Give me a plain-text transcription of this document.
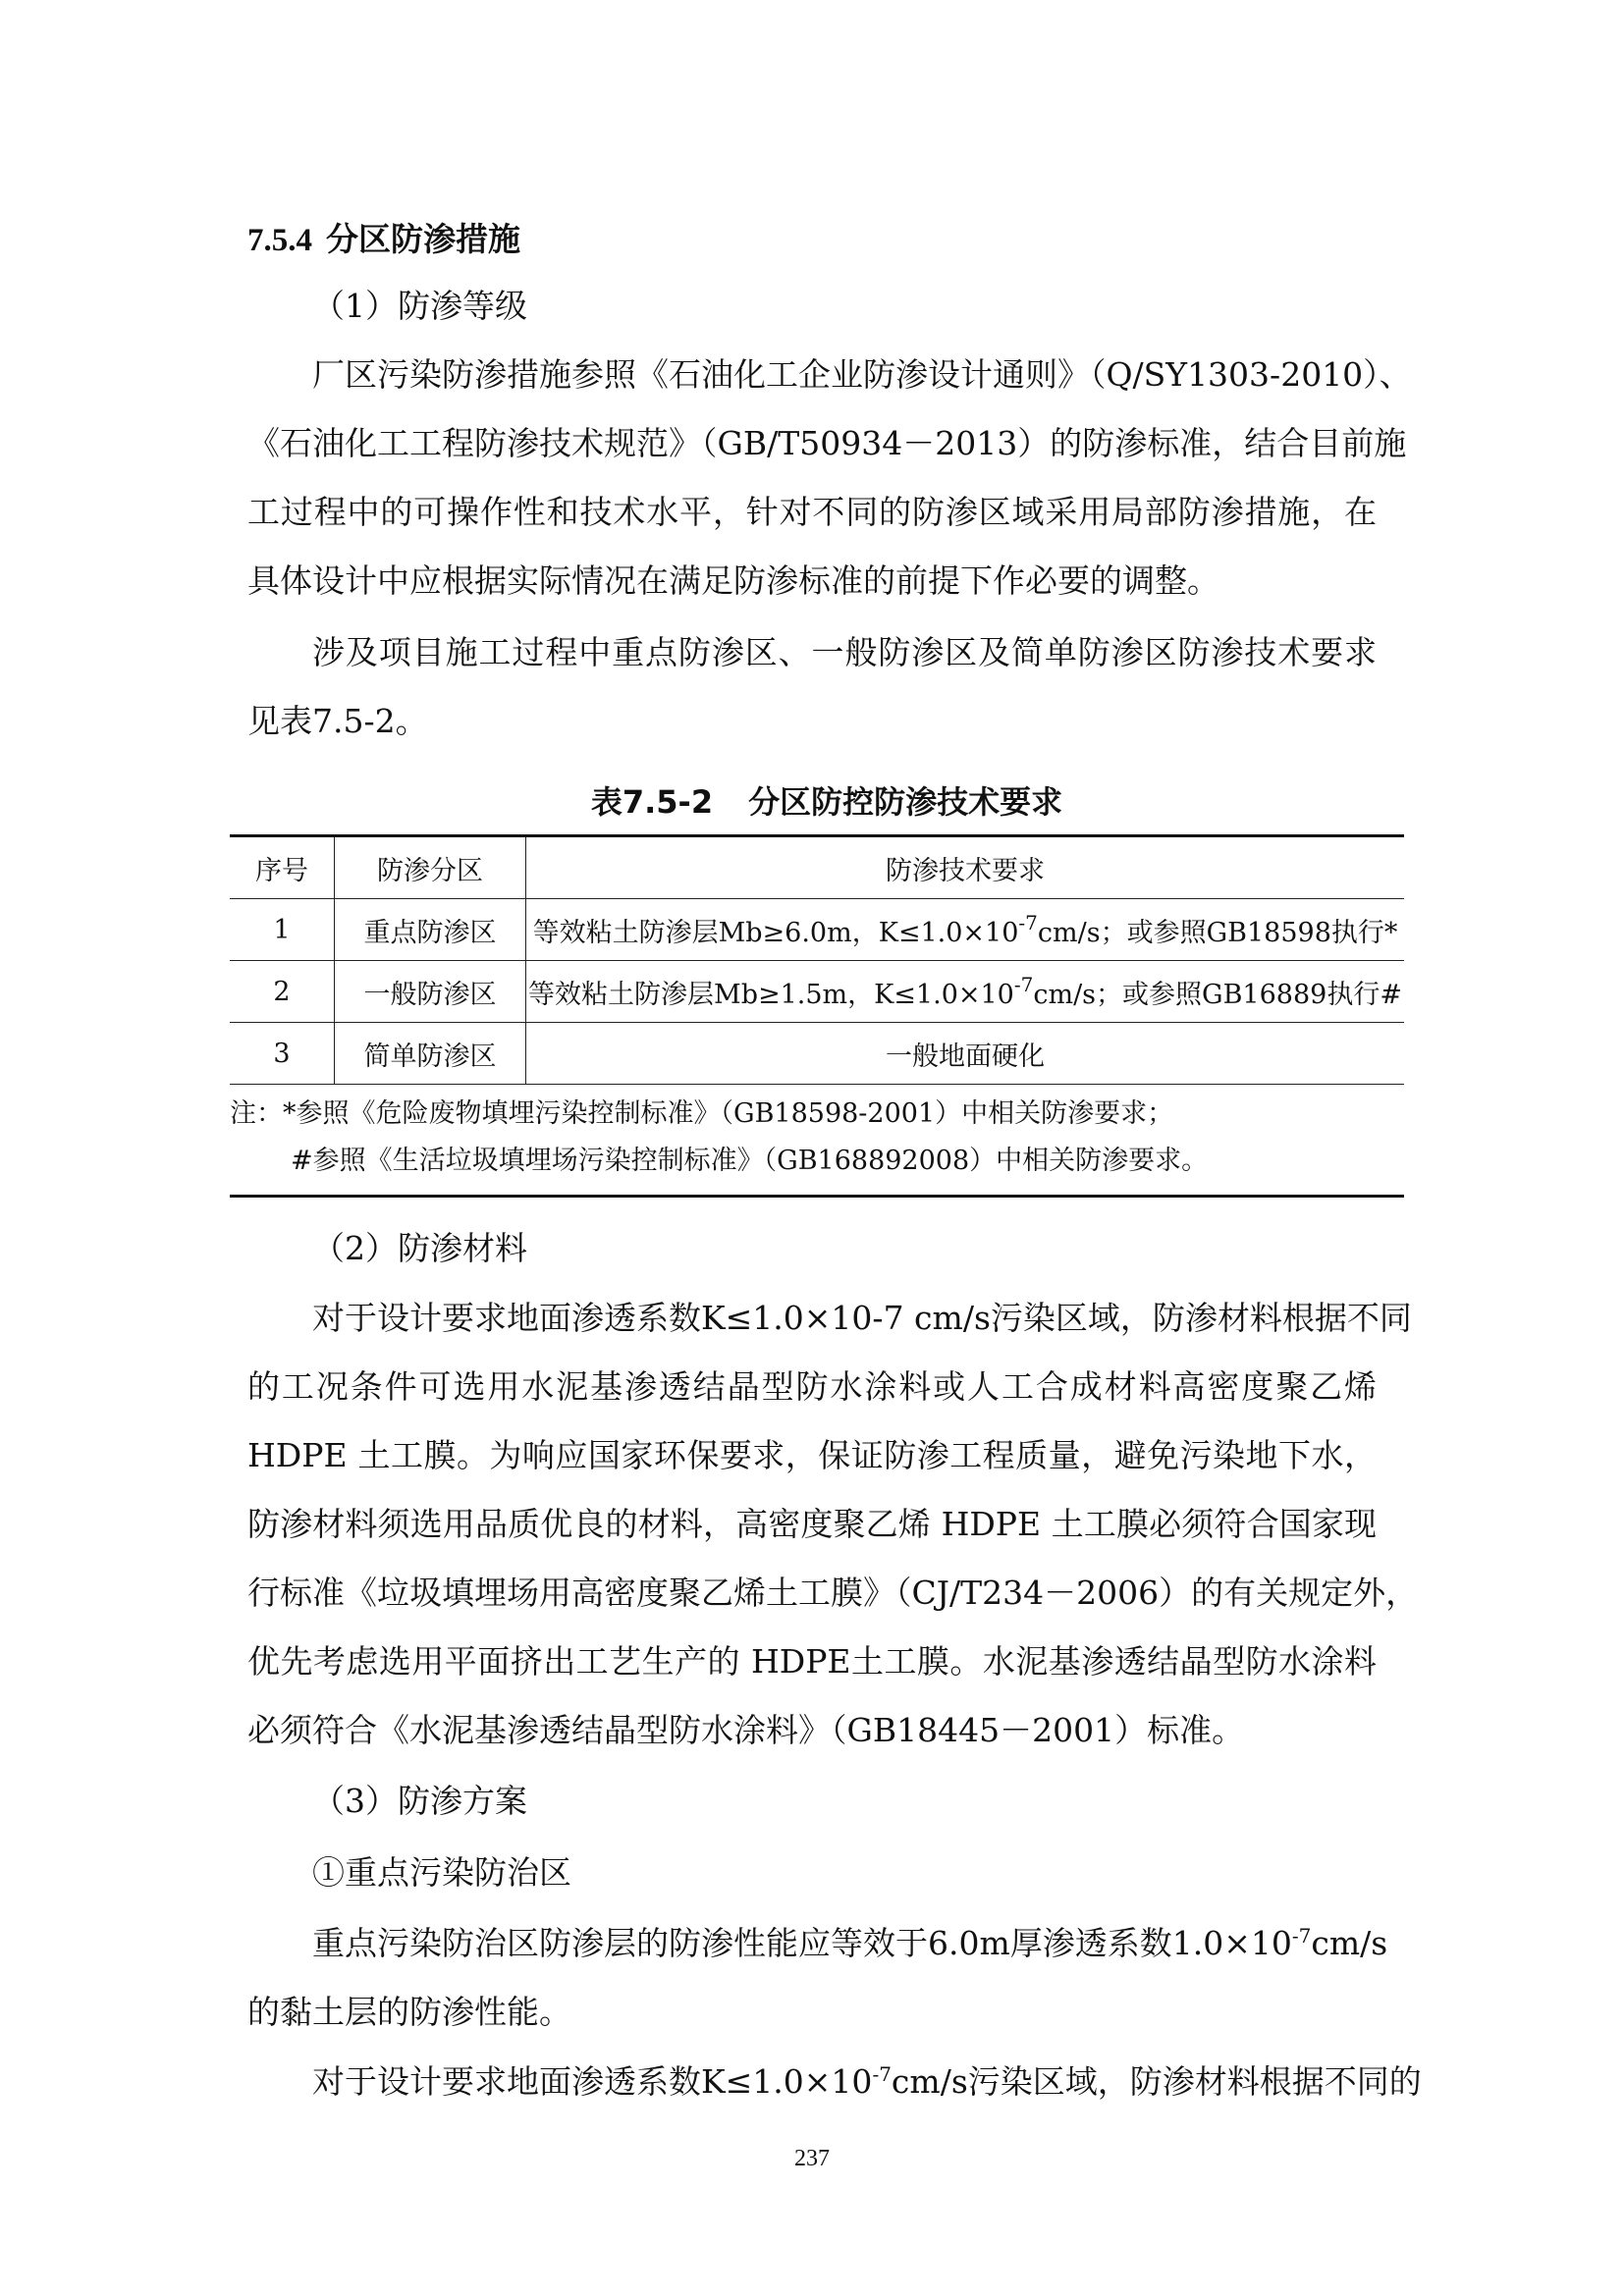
7.5.4 分区防渗措施
（1）防渗等级
厂区污染防渗措施参照《石油化工企业防渗设计通则》（Q/SY1303-2010）、
《石油化工工程防渗技术规范》（GB/T50934－2013）的防渗标准，结合目前施
工过程中的可操作性和技术水平，针对不同的防渗区域采用局部防渗措施，在
具体设计中应根据实际情况在满足防渗标准的前提下作必要的调整。
涉及项目施工过程中重点防渗区、一般防渗区及简单防渗区防渗技术要求
见表7.5-2。
表7.5-2 分区防控防渗技术要求
序号	防渗分区	防渗技术要求
1	重点防渗区	等效粘土防渗层Mb≥6.0m，$K\le 1.0\times 10^{-7}cm/s$；或参照GB18598执行*
2	一般防渗区	等效粘土防渗层Mb≥1.5m，$K\le 1.0\times 10^{-7}cm/s$；或参照GB16889执行#
3	简单防渗区	一般地面硬化

注：*参照《危险废物填埋污染控制标准》（GB18598-2001）中相关防渗要求；
#参照《生活垃圾填埋场污染控制标准》（GB168892008）中相关防渗要求。		
（2）防渗材料
对于设计要求地面渗透系数K≤1.0×10-7 cm/s污染区域，防渗材料根据不同
的工况条件可选用水泥基渗透结晶型防水涂料或人工合成材料高密度聚乙烯
HDPE 土工膜。为响应国家环保要求，保证防渗工程质量，避免污染地下水，
防渗材料须选用品质优良的材料，高密度聚乙烯 HDPE 土工膜必须符合国家现
行标准《垃圾填埋场用高密度聚乙烯土工膜》（CJ/T234－2006）的有关规定外，
优先考虑选用平面挤出工艺生产的 HDPE土工膜。水泥基渗透结晶型防水涂料
必须符合《水泥基渗透结晶型防水涂料》（GB18445－2001）标准。
（3）防渗方案
①重点污染防治区
重点污染防治区防渗层的防渗性能应等效于6.0m厚渗透系数$1.0\times 10^{-7}cm/s$
的黏土层的防渗性能。
对于设计要求地面渗透系数$K\le 1.0\times 10^{-7}cm/s$污染区域，防渗材料根据不同的
237
